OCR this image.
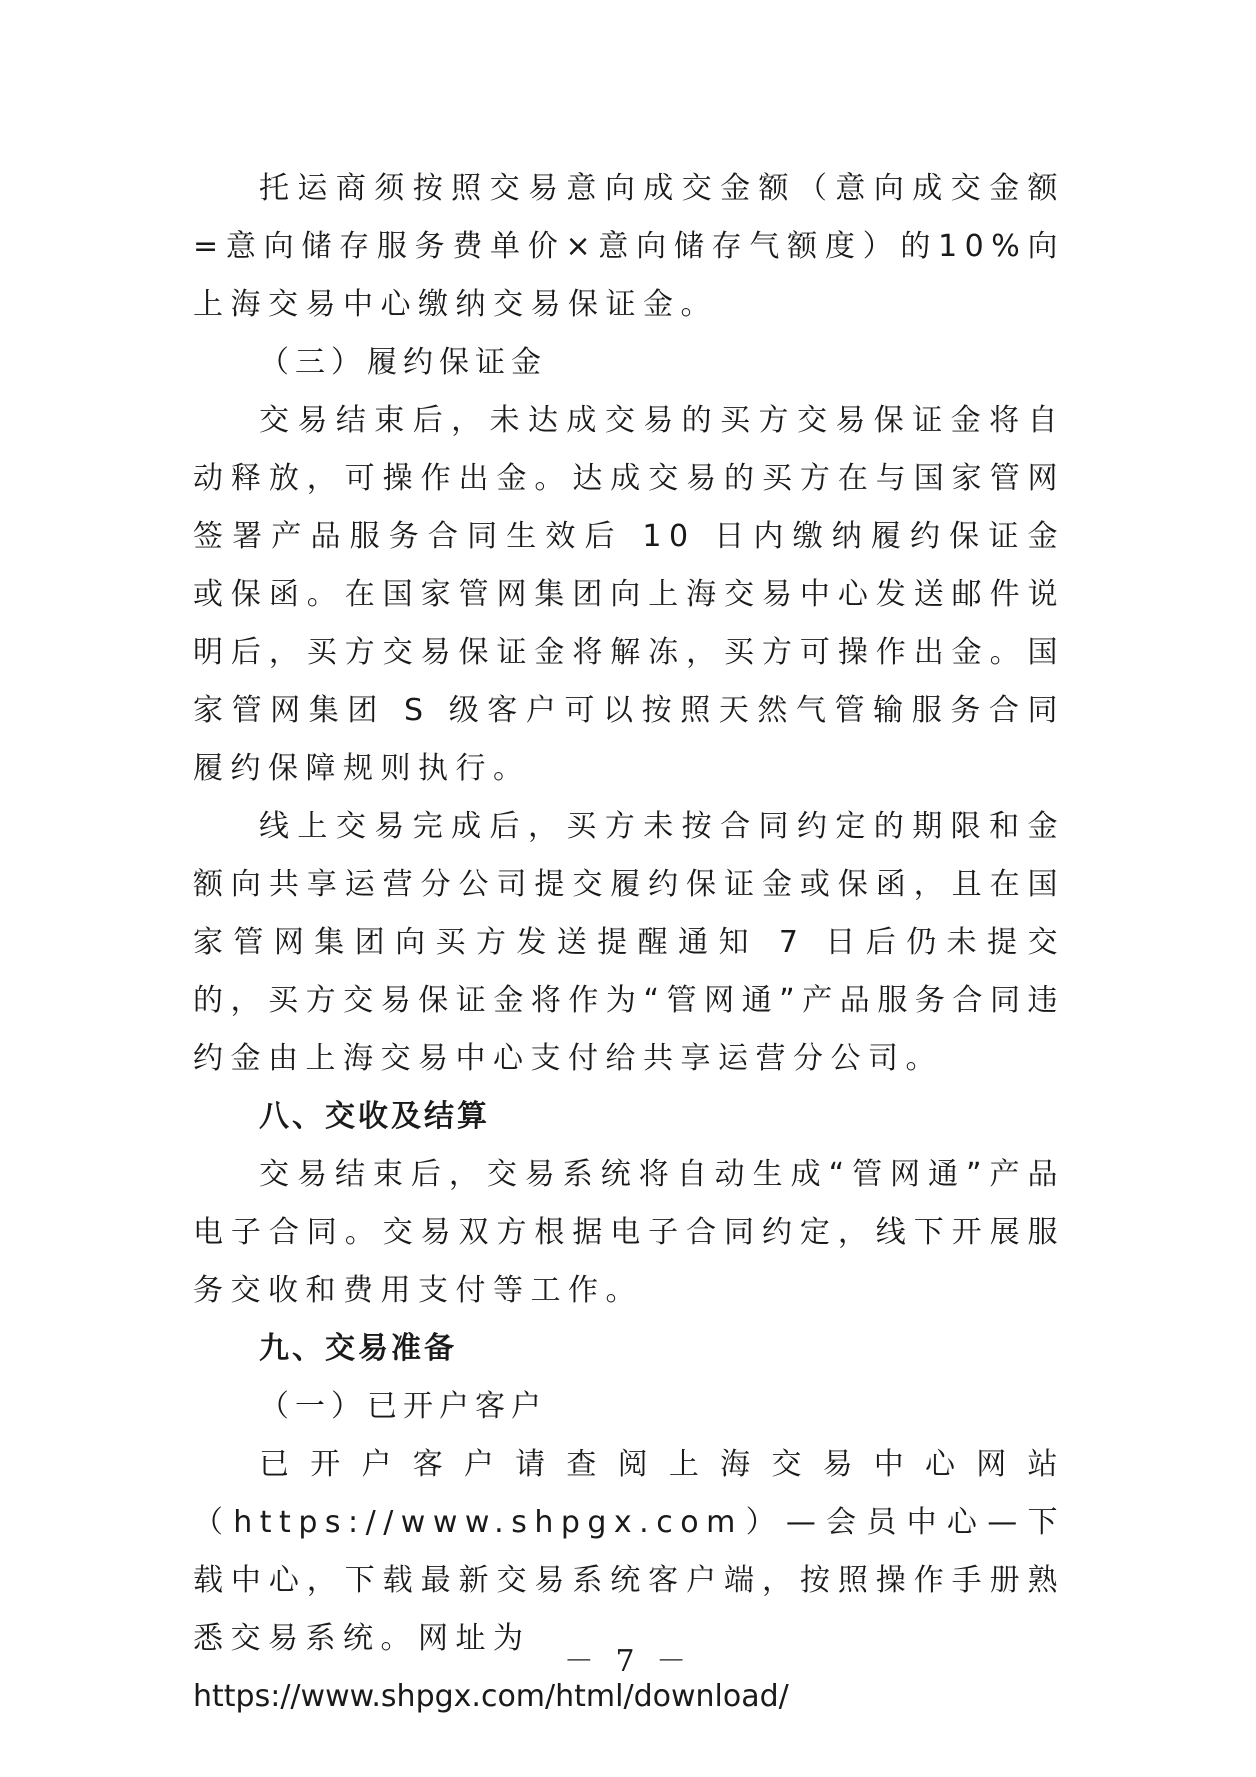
托运商须按照交易意向成交金额（意向成交金额=意向储存服务费单价×意向储存气额度）的10%向上海交易中心缴纳交易保证金。

（三）履约保证金

交易结束后，未达成交易的买方交易保证金将自动释放，可操作出金。达成交易的买方在与国家管网签署产品服务合同生效后 10 日内缴纳履约保证金或保函。在国家管网集团向上海交易中心发送邮件说明后，买方交易保证金将解冻，买方可操作出金。国家管网集团 S 级客户可以按照天然气管输服务合同履约保障规则执行。

线上交易完成后，买方未按合同约定的期限和金额向共享运营分公司提交履约保证金或保函，且在国家管网集团向买方发送提醒通知 7 日后仍未提交的，买方交易保证金将作为“管网通”产品服务合同违约金由上海交易中心支付给共享运营分公司。

八、交收及结算

交易结束后，交易系统将自动生成“管网通”产品电子合同。交易双方根据电子合同约定，线下开展服务交收和费用支付等工作。

九、交易准备

（一）已开户客户

已开户客户请查阅上海交易中心网站（https://www.shpgx.com）—会员中心—下载中心，下载最新交易系统客户端，按照操作手册熟悉交易系统。网址为

https://www.shpgx.com/html/download/

－ 7 －
